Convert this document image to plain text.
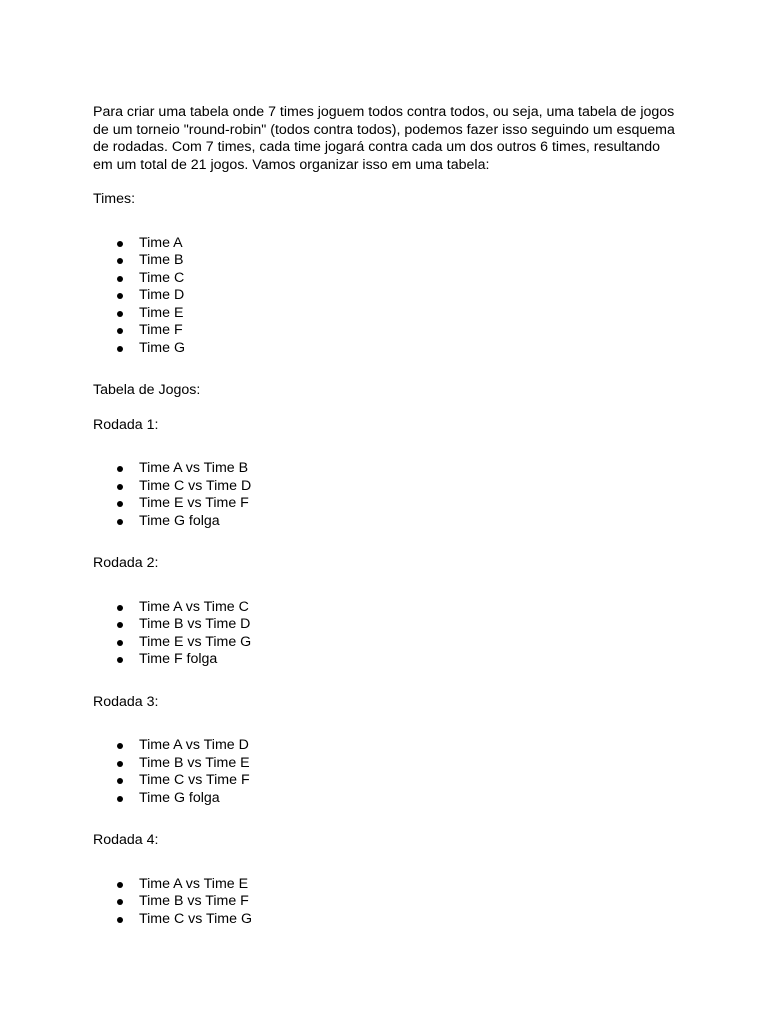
Para criar uma tabela onde 7 times joguem todos contra todos, ou seja, uma tabela de jogos de um torneio "round-robin" (todos contra todos), podemos fazer isso seguindo um esquema de rodadas. Com 7 times, cada time jogará contra cada um dos outros 6 times, resultando em um total de 21 jogos. Vamos organizar isso em uma tabela:

Times:

Time A
Time B
Time C
Time D
Time E
Time F
Time G

Tabela de Jogos:

Rodada 1:

Time A vs Time B
Time C vs Time D
Time E vs Time F
Time G folga

Rodada 2:

Time A vs Time C
Time B vs Time D
Time E vs Time G
Time F folga

Rodada 3:

Time A vs Time D
Time B vs Time E
Time C vs Time F
Time G folga

Rodada 4:

Time A vs Time E
Time B vs Time F
Time C vs Time G
